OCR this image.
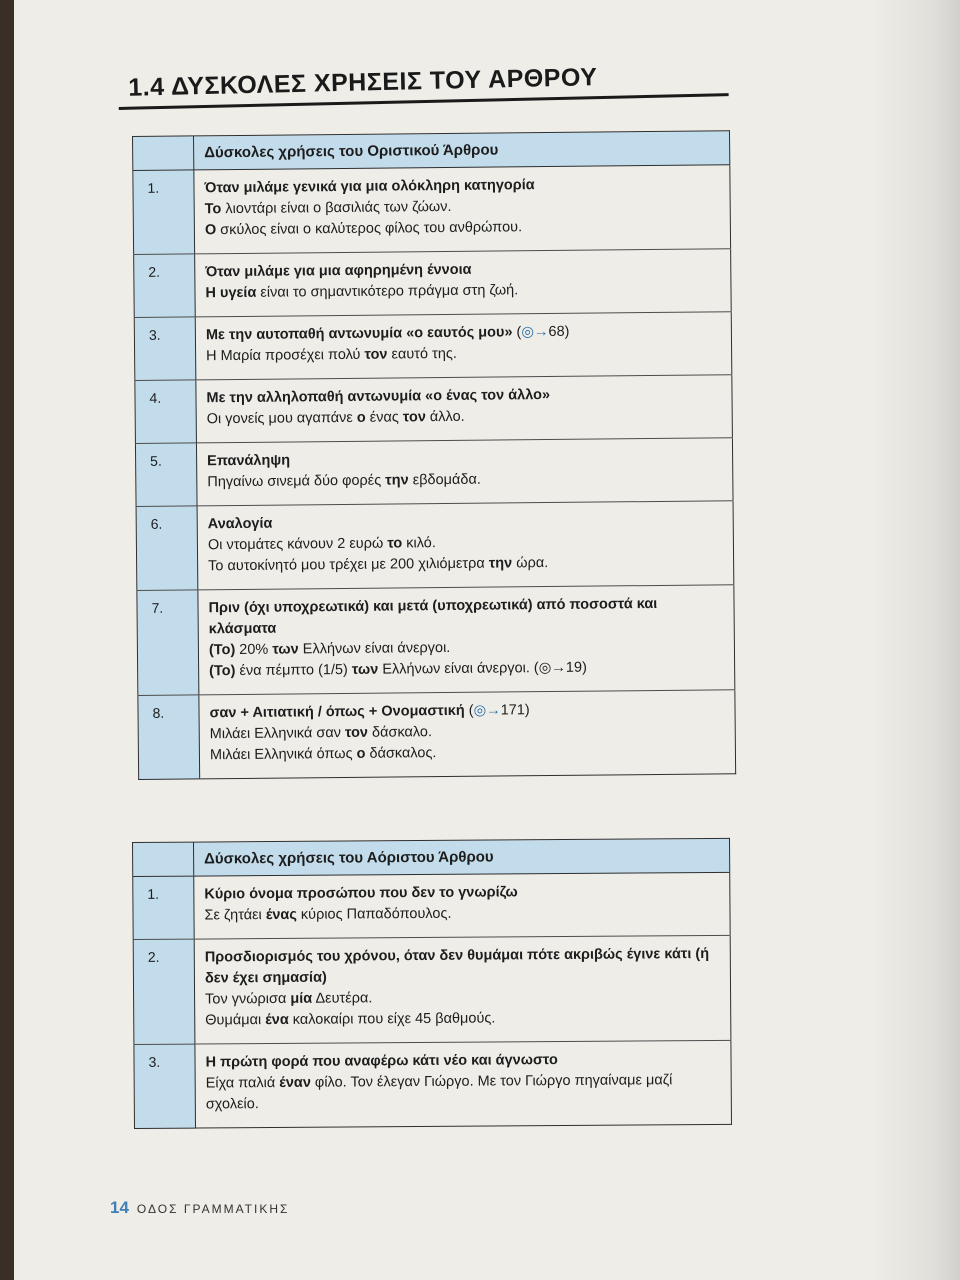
1.4 ΔΥΣΚΟΛΕΣ ΧΡΗΣΕΙΣ ΤΟΥ ΑΡΘΡΟΥ
	Δύσκολες χρήσεις του Οριστικού Άρθρου
1.	Όταν μιλάμε γενικά για μια ολόκληρη κατηγορία
Το λιοντάρι είναι ο βασιλιάς των ζώων.
Ο σκύλος είναι ο καλύτερος φίλος του ανθρώπου.

2.	Όταν μιλάμε για μια αφηρημένη έννοια
Η υγεία είναι το σημαντικότερο πράγμα στη ζωή.

3.	Με την αυτοπαθή αντωνυμία «ο εαυτός μου» (◎→68)
Η Μαρία προσέχει πολύ τον εαυτό της.

4.	Με την αλληλοπαθή αντωνυμία «ο ένας τον άλλο»
Οι γονείς μου αγαπάνε ο ένας τον άλλο.

5.	Επανάληψη
Πηγαίνω σινεμά δύο φορές την εβδομάδα.

6.	Αναλογία
Οι ντομάτες κάνουν 2 ευρώ το κιλό.
Το αυτοκίνητό μου τρέχει με 200 χιλιόμετρα την ώρα.

7.	Πριν (όχι υποχρεωτικά) και μετά (υποχρεωτικά) από ποσοστά και κλάσματα
(Το) 20% των Ελλήνων είναι άνεργοι.
(Το) ένα πέμπτο (1/5) των Ελλήνων είναι άνεργοι. (◎→19)

8.	σαν + Αιτιατική / όπως + Ονομαστική (◎→171)
Μιλάει Ελληνικά σαν τον δάσκαλο.
Μιλάει Ελληνικά όπως ο δάσκαλος.
	Δύσκολες χρήσεις του Αόριστου Άρθρου
1.	Κύριο όνομα προσώπου που δεν το γνωρίζω
Σε ζητάει ένας κύριος Παπαδόπουλος.

2.	Προσδιορισμός του χρόνου, όταν δεν θυμάμαι πότε ακριβώς έγινε κάτι (ή δεν έχει σημασία)
Τον γνώρισα μία Δευτέρα.
Θυμάμαι ένα καλοκαίρι που είχε 45 βαθμούς.

3.	Η πρώτη φορά που αναφέρω κάτι νέο και άγνωστο
Είχα παλιά έναν φίλο. Τον έλεγαν Γιώργο. Με τον Γιώργο πηγαίναμε μαζί σχολείο.
14 ΟΔΟΣ ΓΡΑΜΜΑΤΙΚΗΣ
